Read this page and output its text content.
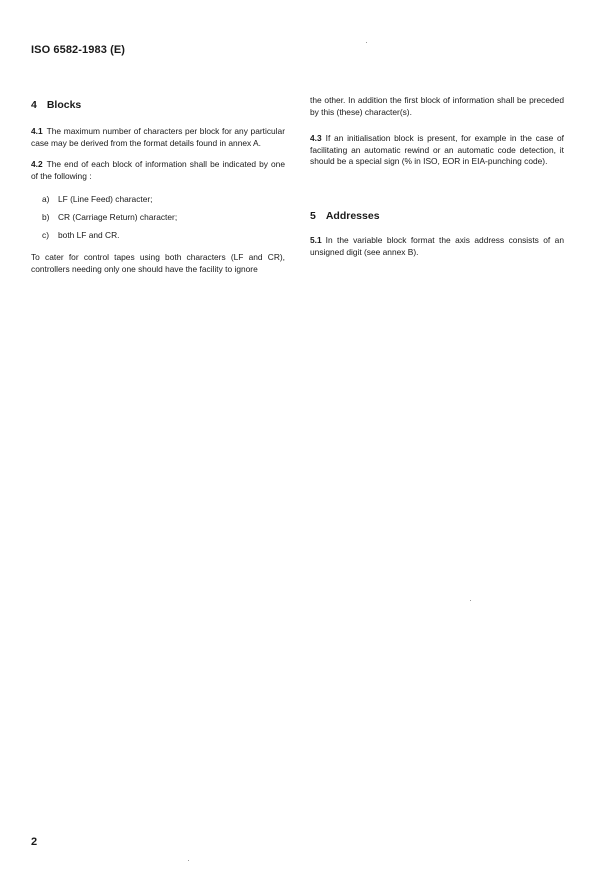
ISO 6582-1983 (E)
4 Blocks

4.1 The maximum number of characters per block for any particular case may be derived from the format details found in annex A.

4.2 The end of each block of information shall be indicated by one of the following :

a) LF (Line Feed) character;
b) CR (Carriage Return) character;
c) both LF and CR.

To cater for control tapes using both characters (LF and CR), controllers needing only one should have the facility to ignore

the other. In addition the first block of information shall be preceded by this (these) character(s).

4.3 If an initialisation block is present, for example in the case of facilitating an automatic rewind or an automatic code detection, it should be a special sign (% in ISO, EOR in EIA-punching code).

5 Addresses

5.1 In the variable block format the axis address consists of an unsigned digit (see annex B).

2
